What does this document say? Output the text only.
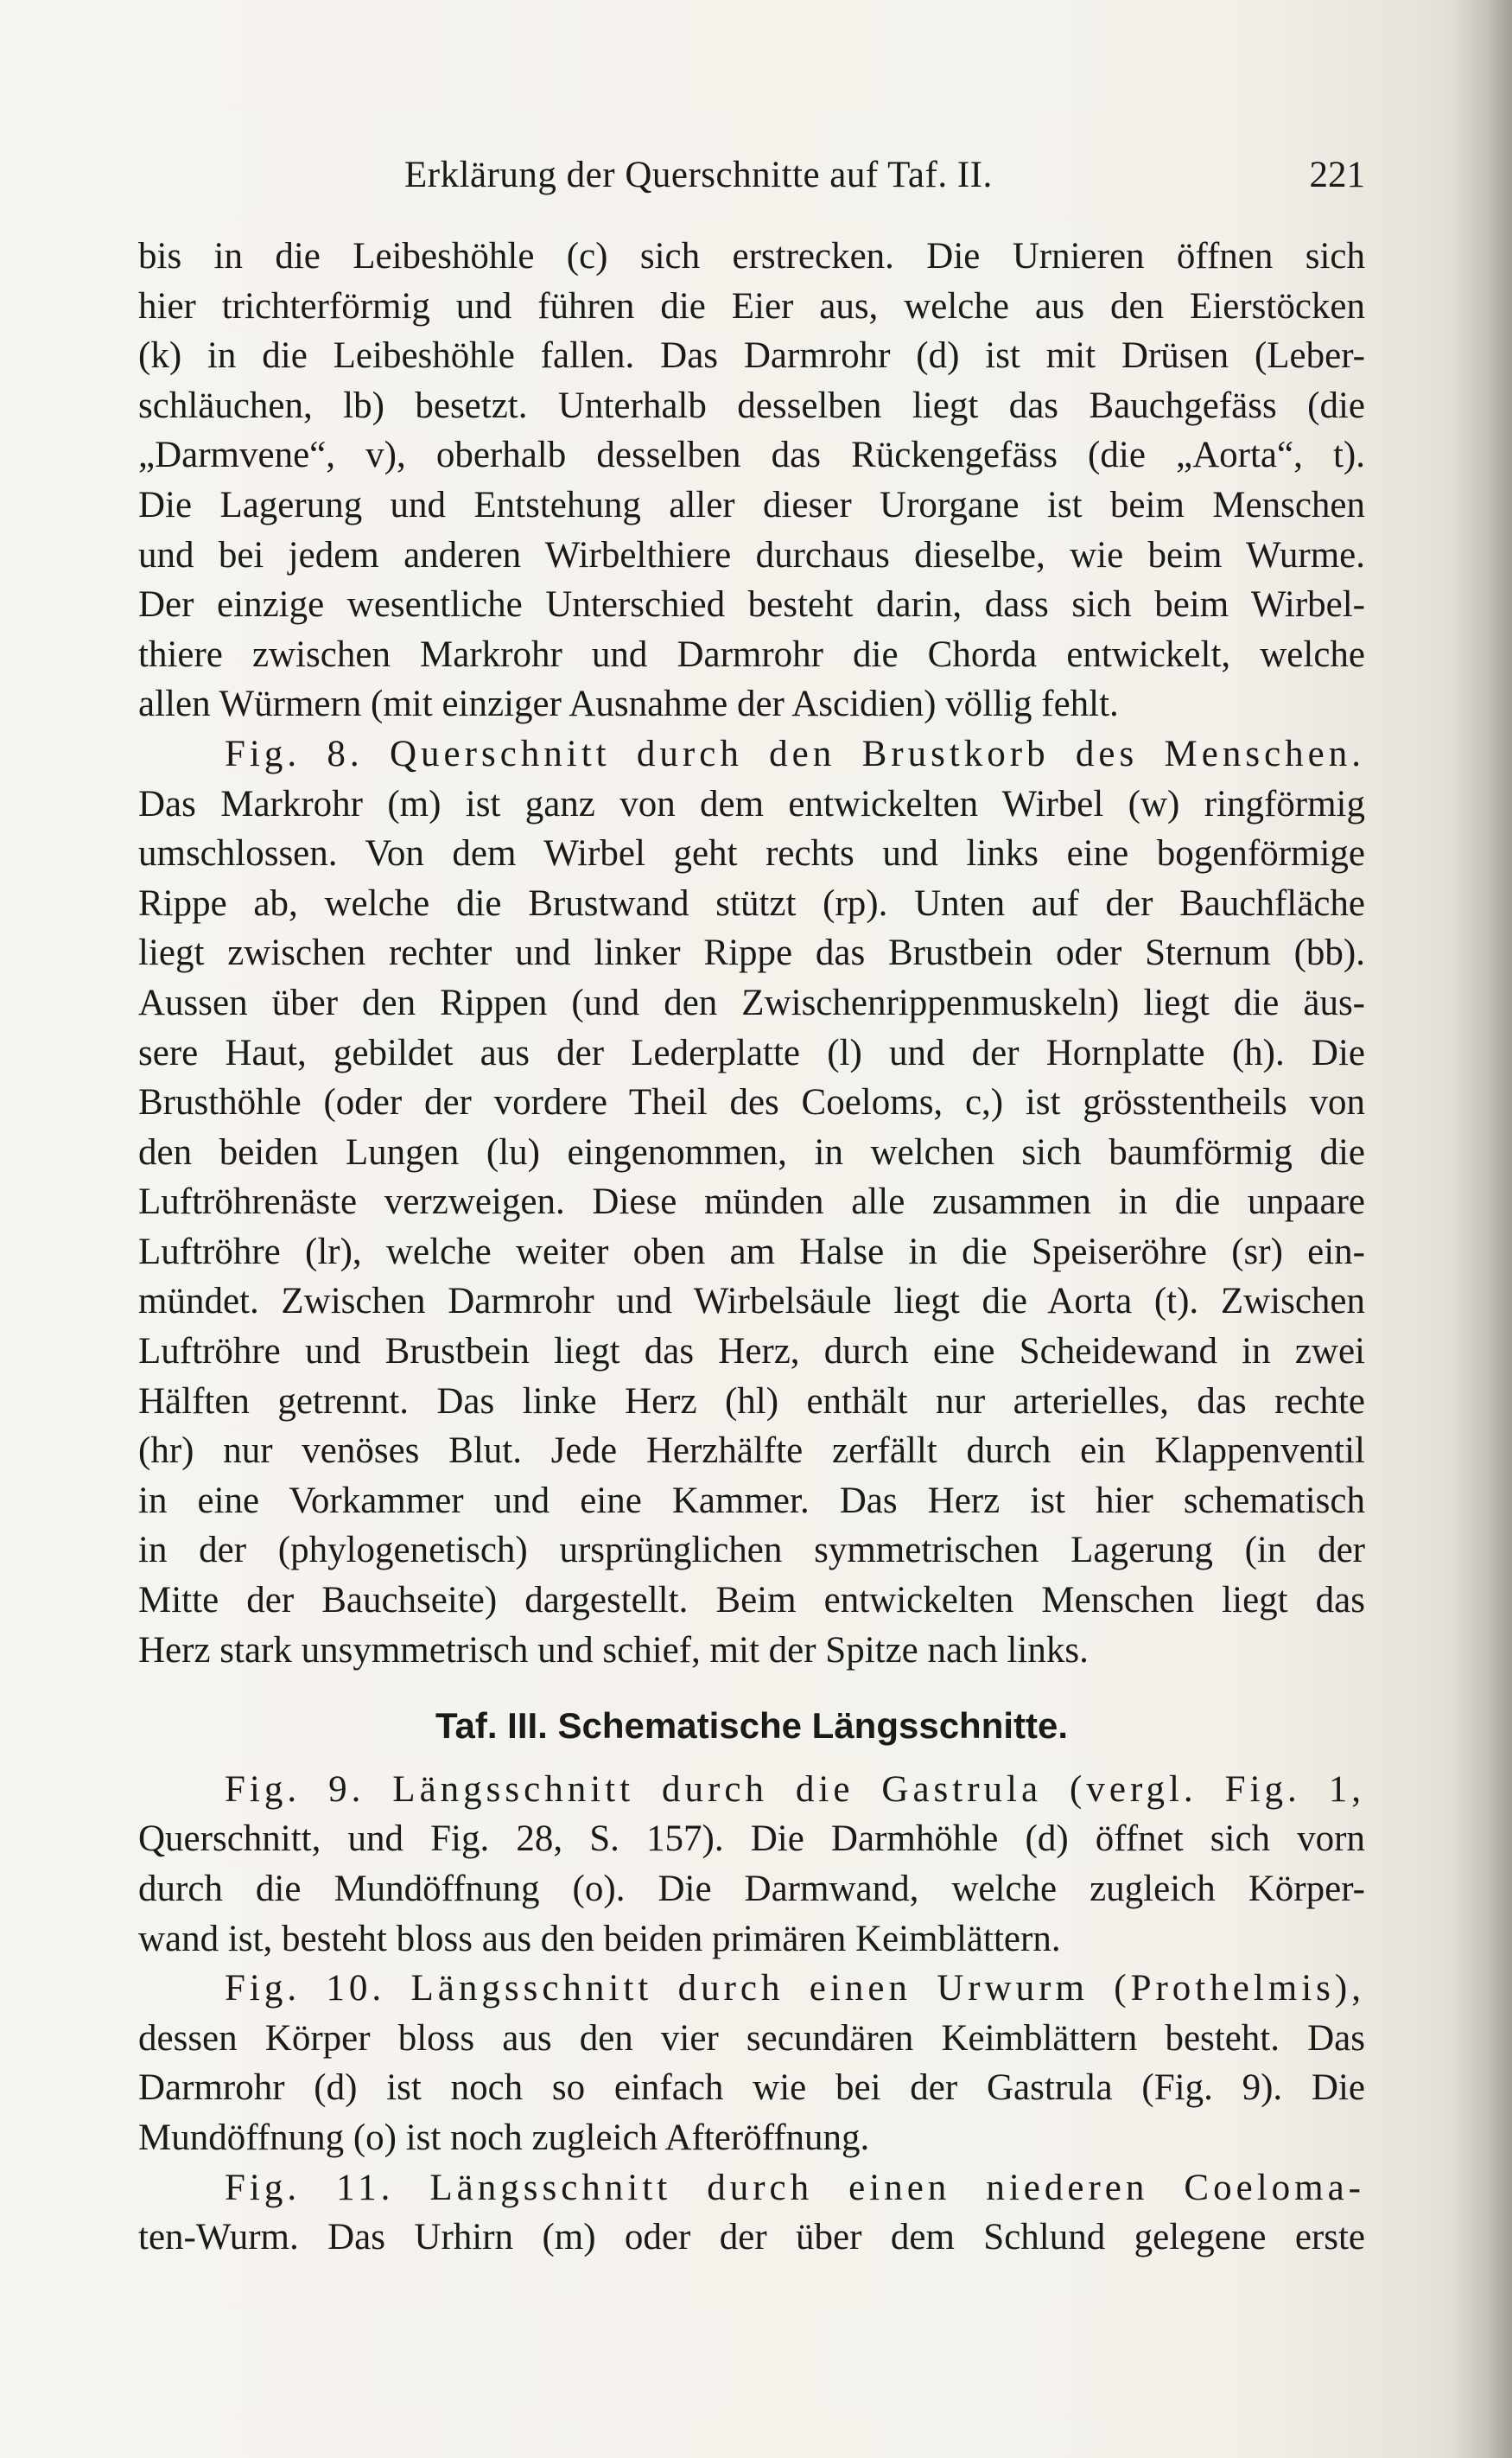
Erklärung der Querschnitte auf Taf. II.	221
bis in die Leibeshöhle (c) sich erstrecken. Die Urnieren öffnen sich
hier trichterförmig und führen die Eier aus, welche aus den Eierstöcken
(k) in die Leibeshöhle fallen. Das Darmrohr (d) ist mit Drüsen (Leber-
schläuchen, lb) besetzt. Unterhalb desselben liegt das Bauchgefäss (die
„Darmvene“, v), oberhalb desselben das Rückengefäss (die „Aorta“, t).
Die Lagerung und Entstehung aller dieser Urorgane ist beim Menschen
und bei jedem anderen Wirbelthiere durchaus dieselbe, wie beim Wurme.
Der einzige wesentliche Unterschied besteht darin, dass sich beim Wirbel-
thiere zwischen Markrohr und Darmrohr die Chorda entwickelt, welche
allen Würmern (mit einziger Ausnahme der Ascidien) völlig fehlt.
Fig. 8. Querschnitt durch den Brustkorb des Menschen.
Das Markrohr (m) ist ganz von dem entwickelten Wirbel (w) ringförmig
umschlossen. Von dem Wirbel geht rechts und links eine bogenförmige
Rippe ab, welche die Brustwand stützt (rp). Unten auf der Bauchfläche
liegt zwischen rechter und linker Rippe das Brustbein oder Sternum (bb).
Aussen über den Rippen (und den Zwischenrippenmuskeln) liegt die äus-
sere Haut, gebildet aus der Lederplatte (l) und der Hornplatte (h). Die
Brusthöhle (oder der vordere Theil des Coeloms, c,) ist grösstentheils von
den beiden Lungen (lu) eingenommen, in welchen sich baumförmig die
Luftröhrenäste verzweigen. Diese münden alle zusammen in die unpaare
Luftröhre (lr), welche weiter oben am Halse in die Speiseröhre (sr) ein-
mündet. Zwischen Darmrohr und Wirbelsäule liegt die Aorta (t). Zwischen
Luftröhre und Brustbein liegt das Herz, durch eine Scheidewand in zwei
Hälften getrennt. Das linke Herz (hl) enthält nur arterielles, das rechte
(hr) nur venöses Blut. Jede Herzhälfte zerfällt durch ein Klappenventil
in eine Vorkammer und eine Kammer. Das Herz ist hier schematisch
in der (phylogenetisch) ursprünglichen symmetrischen Lagerung (in der
Mitte der Bauchseite) dargestellt. Beim entwickelten Menschen liegt das
Herz stark unsymmetrisch und schief, mit der Spitze nach links.
Taf. III. Schematische Längsschnitte.
Fig. 9. Längsschnitt durch die Gastrula (vergl. Fig. 1,
Querschnitt, und Fig. 28, S. 157). Die Darmhöhle (d) öffnet sich vorn
durch die Mundöffnung (o). Die Darmwand, welche zugleich Körper-
wand ist, besteht bloss aus den beiden primären Keimblättern.
Fig. 10. Längsschnitt durch einen Urwurm (Prothelmis),
dessen Körper bloss aus den vier secundären Keimblättern besteht. Das
Darmrohr (d) ist noch so einfach wie bei der Gastrula (Fig. 9). Die
Mundöffnung (o) ist noch zugleich Afteröffnung.
Fig. 11. Längsschnitt durch einen niederen Coeloma-
ten-Wurm. Das Urhirn (m) oder der über dem Schlund gelegene erste
